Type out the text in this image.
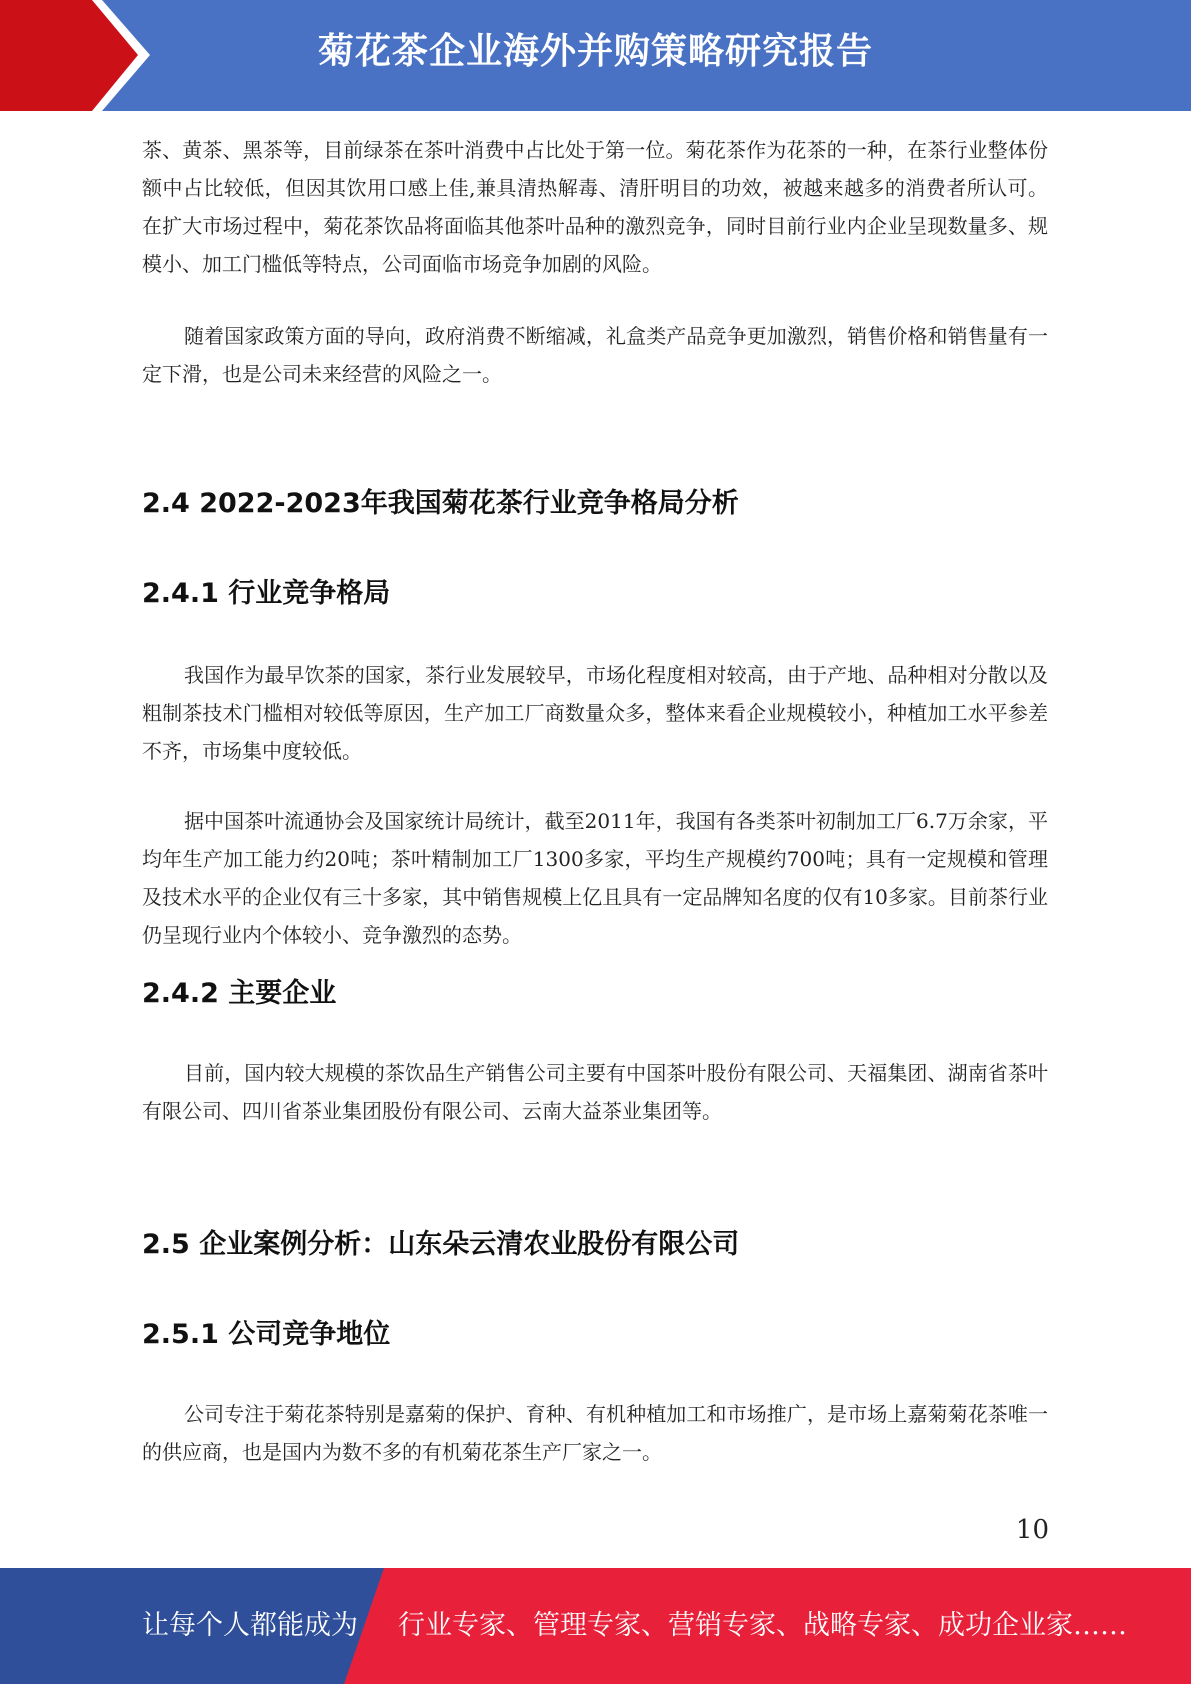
菊花茶企业海外并购策略研究报告

茶、黄茶、黑茶等，目前绿茶在茶叶消费中占比处于第一位。菊花茶作为花茶的一种，在茶行业整体份额中占比较低，但因其饮用口感上佳,兼具清热解毒、清肝明目的功效，被越来越多的消费者所认可。在扩大市场过程中，菊花茶饮品将面临其他茶叶品种的激烈竞争，同时目前行业内企业呈现数量多、规模小、加工门槛低等特点，公司面临市场竞争加剧的风险。

随着国家政策方面的导向，政府消费不断缩减，礼盒类产品竞争更加激烈，销售价格和销售量有一定下滑，也是公司未来经营的风险之一。

2.4 2022-2023年我国菊花茶行业竞争格局分析
2.4.1 行业竞争格局

我国作为最早饮茶的国家，茶行业发展较早，市场化程度相对较高，由于产地、品种相对分散以及粗制茶技术门槛相对较低等原因，生产加工厂商数量众多，整体来看企业规模较小，种植加工水平参差不齐，市场集中度较低。

据中国茶叶流通协会及国家统计局统计，截至2011年，我国有各类茶叶初制加工厂6.7万余家，平均年生产加工能力约20吨；茶叶精制加工厂1300多家，平均生产规模约700吨；具有一定规模和管理及技术水平的企业仅有三十多家，其中销售规模上亿且具有一定品牌知名度的仅有10多家。目前茶行业仍呈现行业内个体较小、竞争激烈的态势。

2.4.2 主要企业

目前，国内较大规模的茶饮品生产销售公司主要有中国茶叶股份有限公司、天福集团、湖南省茶叶有限公司、四川省茶业集团股份有限公司、云南大益茶业集团等。

2.5 企业案例分析：山东朵云清农业股份有限公司
2.5.1 公司竞争地位

公司专注于菊花茶特别是嘉菊的保护、育种、有机种植加工和市场推广，是市场上嘉菊菊花茶唯一的供应商，也是国内为数不多的有机菊花茶生产厂家之一。

10
让每个人都能成为 行业专家、管理专家、营销专家、战略专家、成功企业家……
